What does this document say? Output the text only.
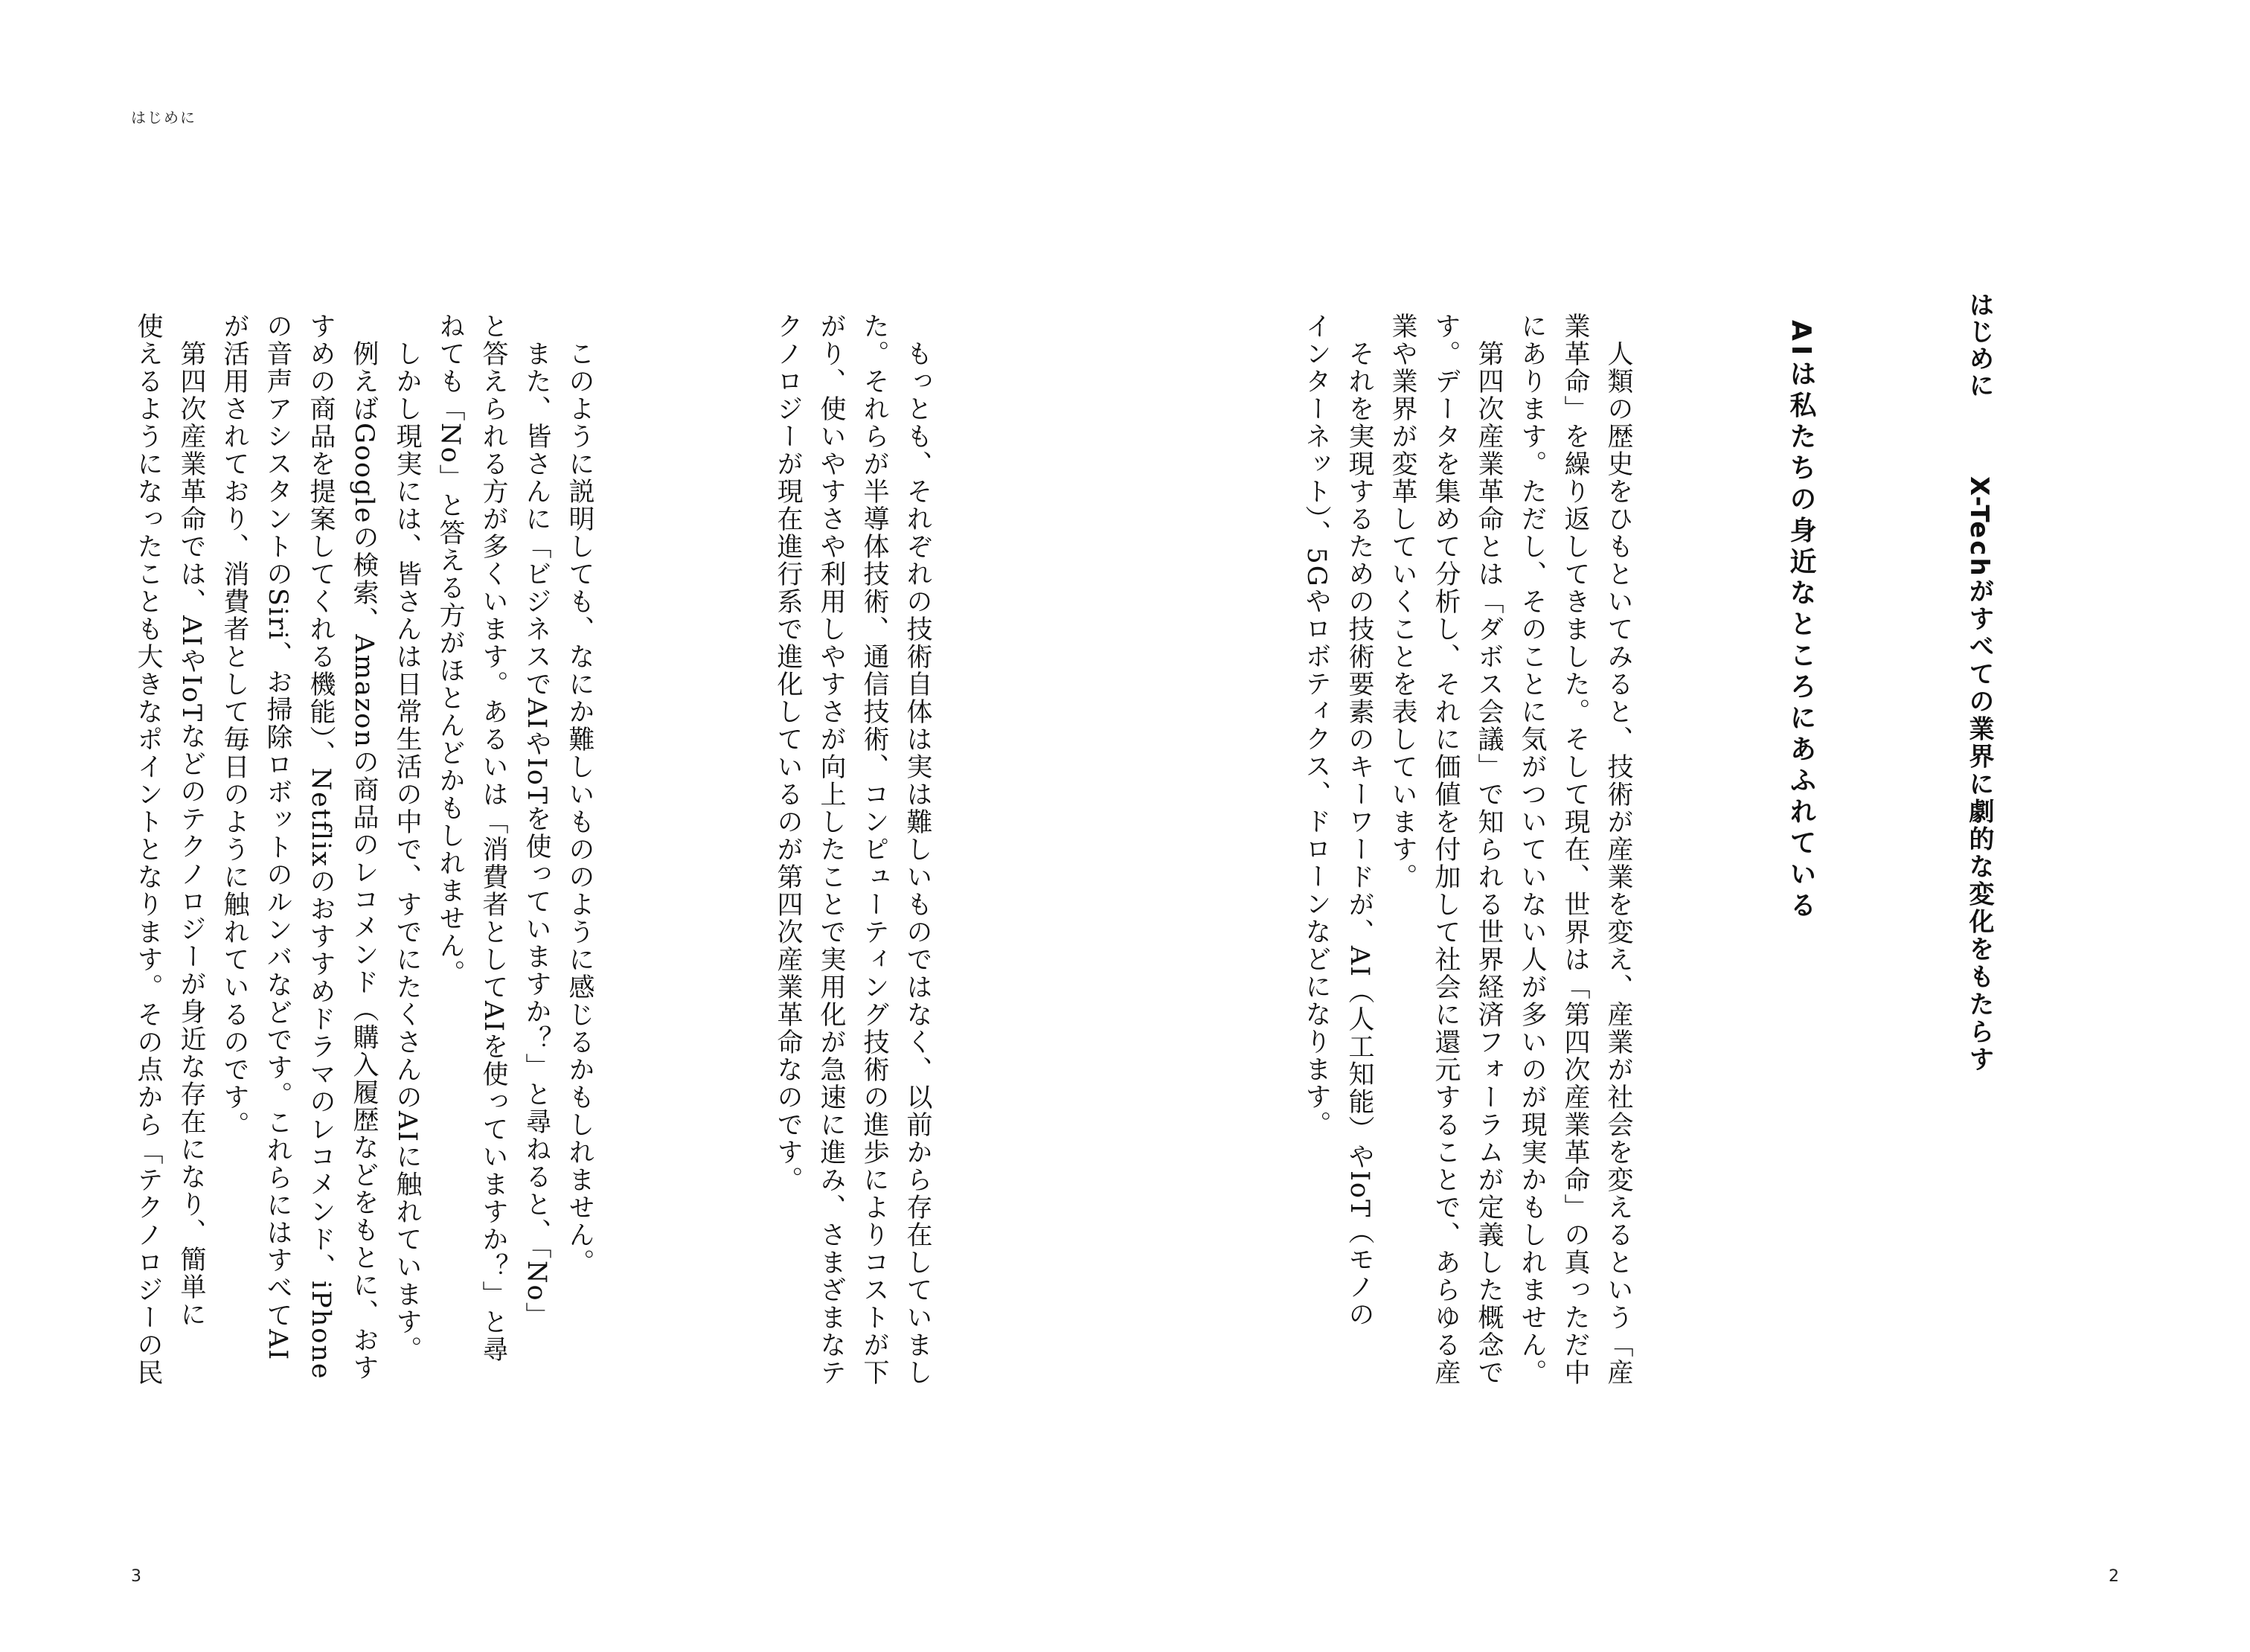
はじめに
はじめに
X-Techがすべての業界に劇的な変化をもたらす
AIは私たちの身近なところにあふれている
人類の歴史をひもといてみると、技術が産業を変え、産業が社会を変えるという「産
業革命」を繰り返してきました。そして現在、世界は「第四次産業革命」の真っただ中
にあります。ただし、そのことに気がついていない人が多いのが現実かもしれません。
第四次産業革命とは「ダボス会議」で知られる世界経済フォーラムが定義した概念で
す。データを集めて分析し、それに価値を付加して社会に還元することで、あらゆる産
業や業界が変革していくことを表しています。
それを実現するための技術要素のキーワードが、AI（人工知能）やIoT（モノの
インターネット）、5Gやロボティクス、ドローンなどになります。
もっとも、それぞれの技術自体は実は難しいものではなく、以前から存在していまし
た。それらが半導体技術、通信技術、コンピューティング技術の進歩によりコストが下
がり、使いやすさや利用しやすさが向上したことで実用化が急速に進み、さまざまなテ
クノロジーが現在進行系で進化しているのが第四次産業革命なのです。
このように説明しても、なにか難しいもののように感じるかもしれません。
また、皆さんに「ビジネスでAIやIoTを使っていますか？」と尋ねると、「No」
と答えられる方が多くいます。あるいは「消費者としてAIを使っていますか？」と尋
ねても「No」と答える方がほとんどかもしれません。
しかし現実には、皆さんは日常生活の中で、すでにたくさんのAIに触れています。
例えばGoogleの検索、Amazonの商品のレコメンド（購入履歴などをもとに、おす
すめの商品を提案してくれる機能）、Netflixのおすすめドラマのレコメンド、iPhone
の音声アシスタントのSiri、お掃除ロボットのルンバなどです。これらにはすべてAI
が活用されており、消費者として毎日のように触れているのです。
第四次産業革命では、AIやIoTなどのテクノロジーが身近な存在になり、簡単に
使えるようになったことも大きなポイントとなります。その点から「テクノロジーの民
3	2
